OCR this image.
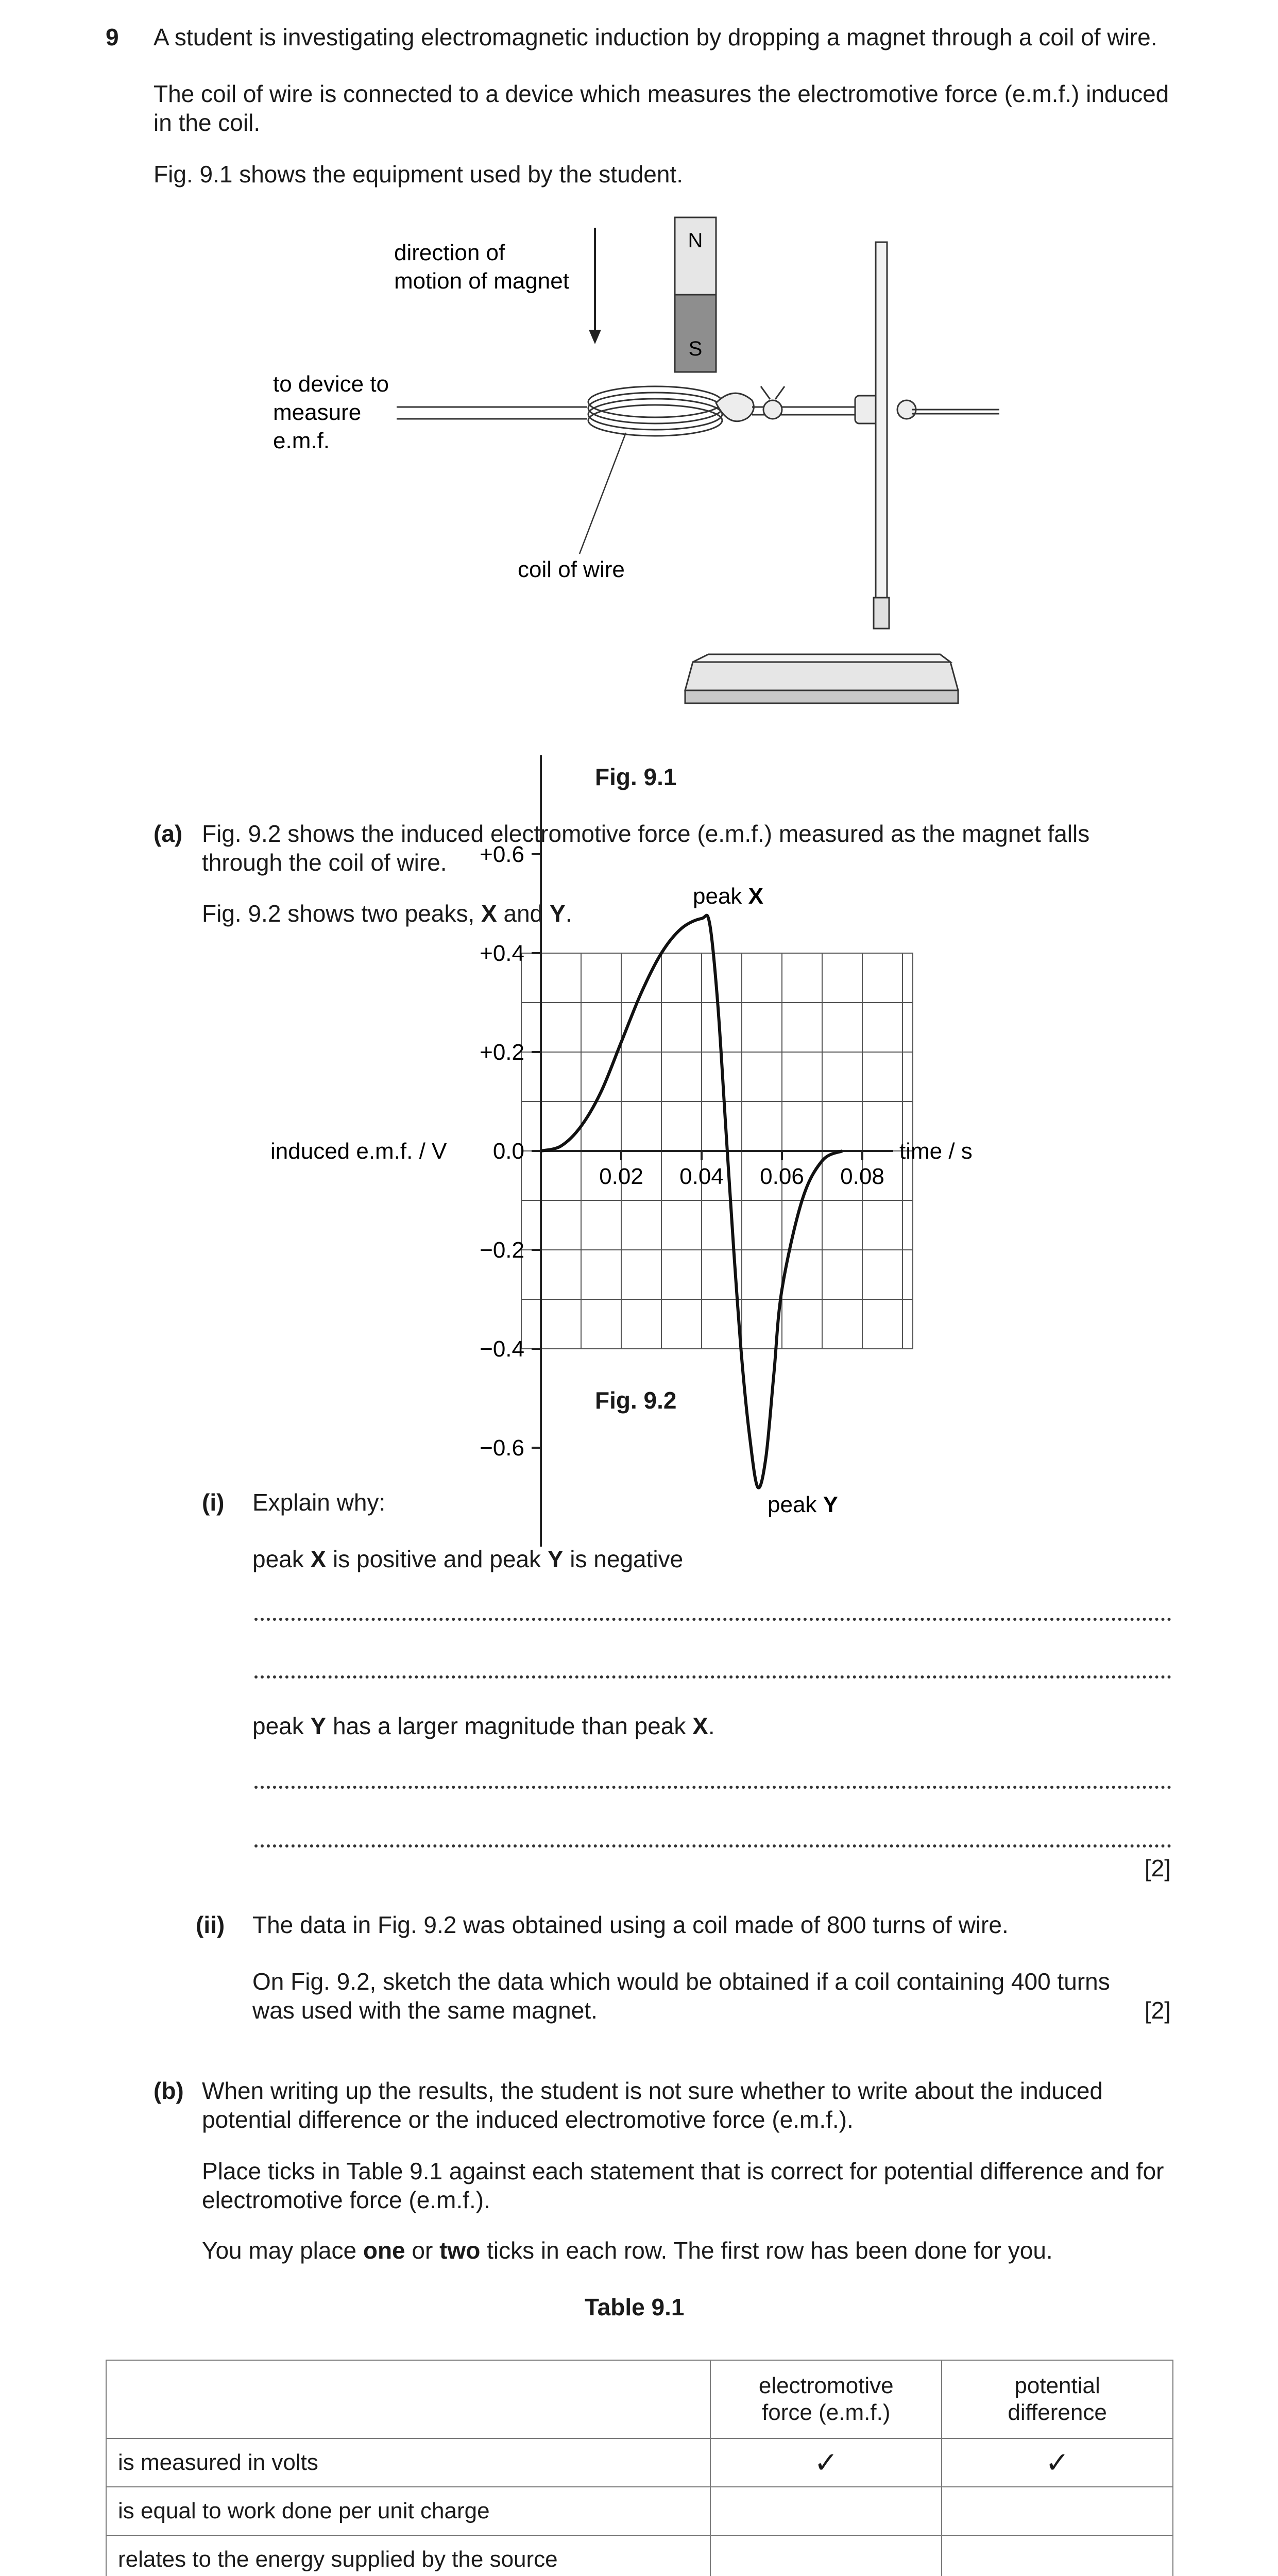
9 A student is investigating electromagnetic induction by dropping a magnet through a coil of wire.
The coil of wire is connected to a device which measures the electromotive force (e.m.f.) induced in the coil.
Fig. 9.1 shows the equipment used by the student.
N
S
direction of motion of magnet
to device to measure e.m.f.
coil of wire
Fig. 9.1
(a) Fig. 9.2 shows the induced electromotive force (e.m.f.) measured as the magnet falls through the coil of wire.
Fig. 9.2 shows two peaks, X and Y.
+0.6
+0.4
+0.2
0.0
−0.2
−0.4
−0.6
0.02 0.04 0.06 0.08
induced e.m.f. / V	time / s
peak X
peak Y
Fig. 9.2
(i) Explain why:
peak X is positive and peak Y is negative
peak Y has a larger magnitude than peak X.
[2]
(ii) The data in Fig. 9.2 was obtained using a coil made of 800 turns of wire.
On Fig. 9.2, sketch the data which would be obtained if a coil containing 400 turns was used with the same magnet.	[2]
(b) When writing up the results, the student is not sure whether to write about the induced potential difference or the induced electromotive force (e.m.f.).
Place ticks in Table 9.1 against each statement that is correct for potential difference and for electromotive force (e.m.f.).
You may place one or two ticks in each row. The first row has been done for you.
Table 9.1
	electromotive
force (e.m.f.)	potential
difference
is measured in volts	✓	✓
is equal to work done per unit charge		
relates to the energy supplied by the source		
